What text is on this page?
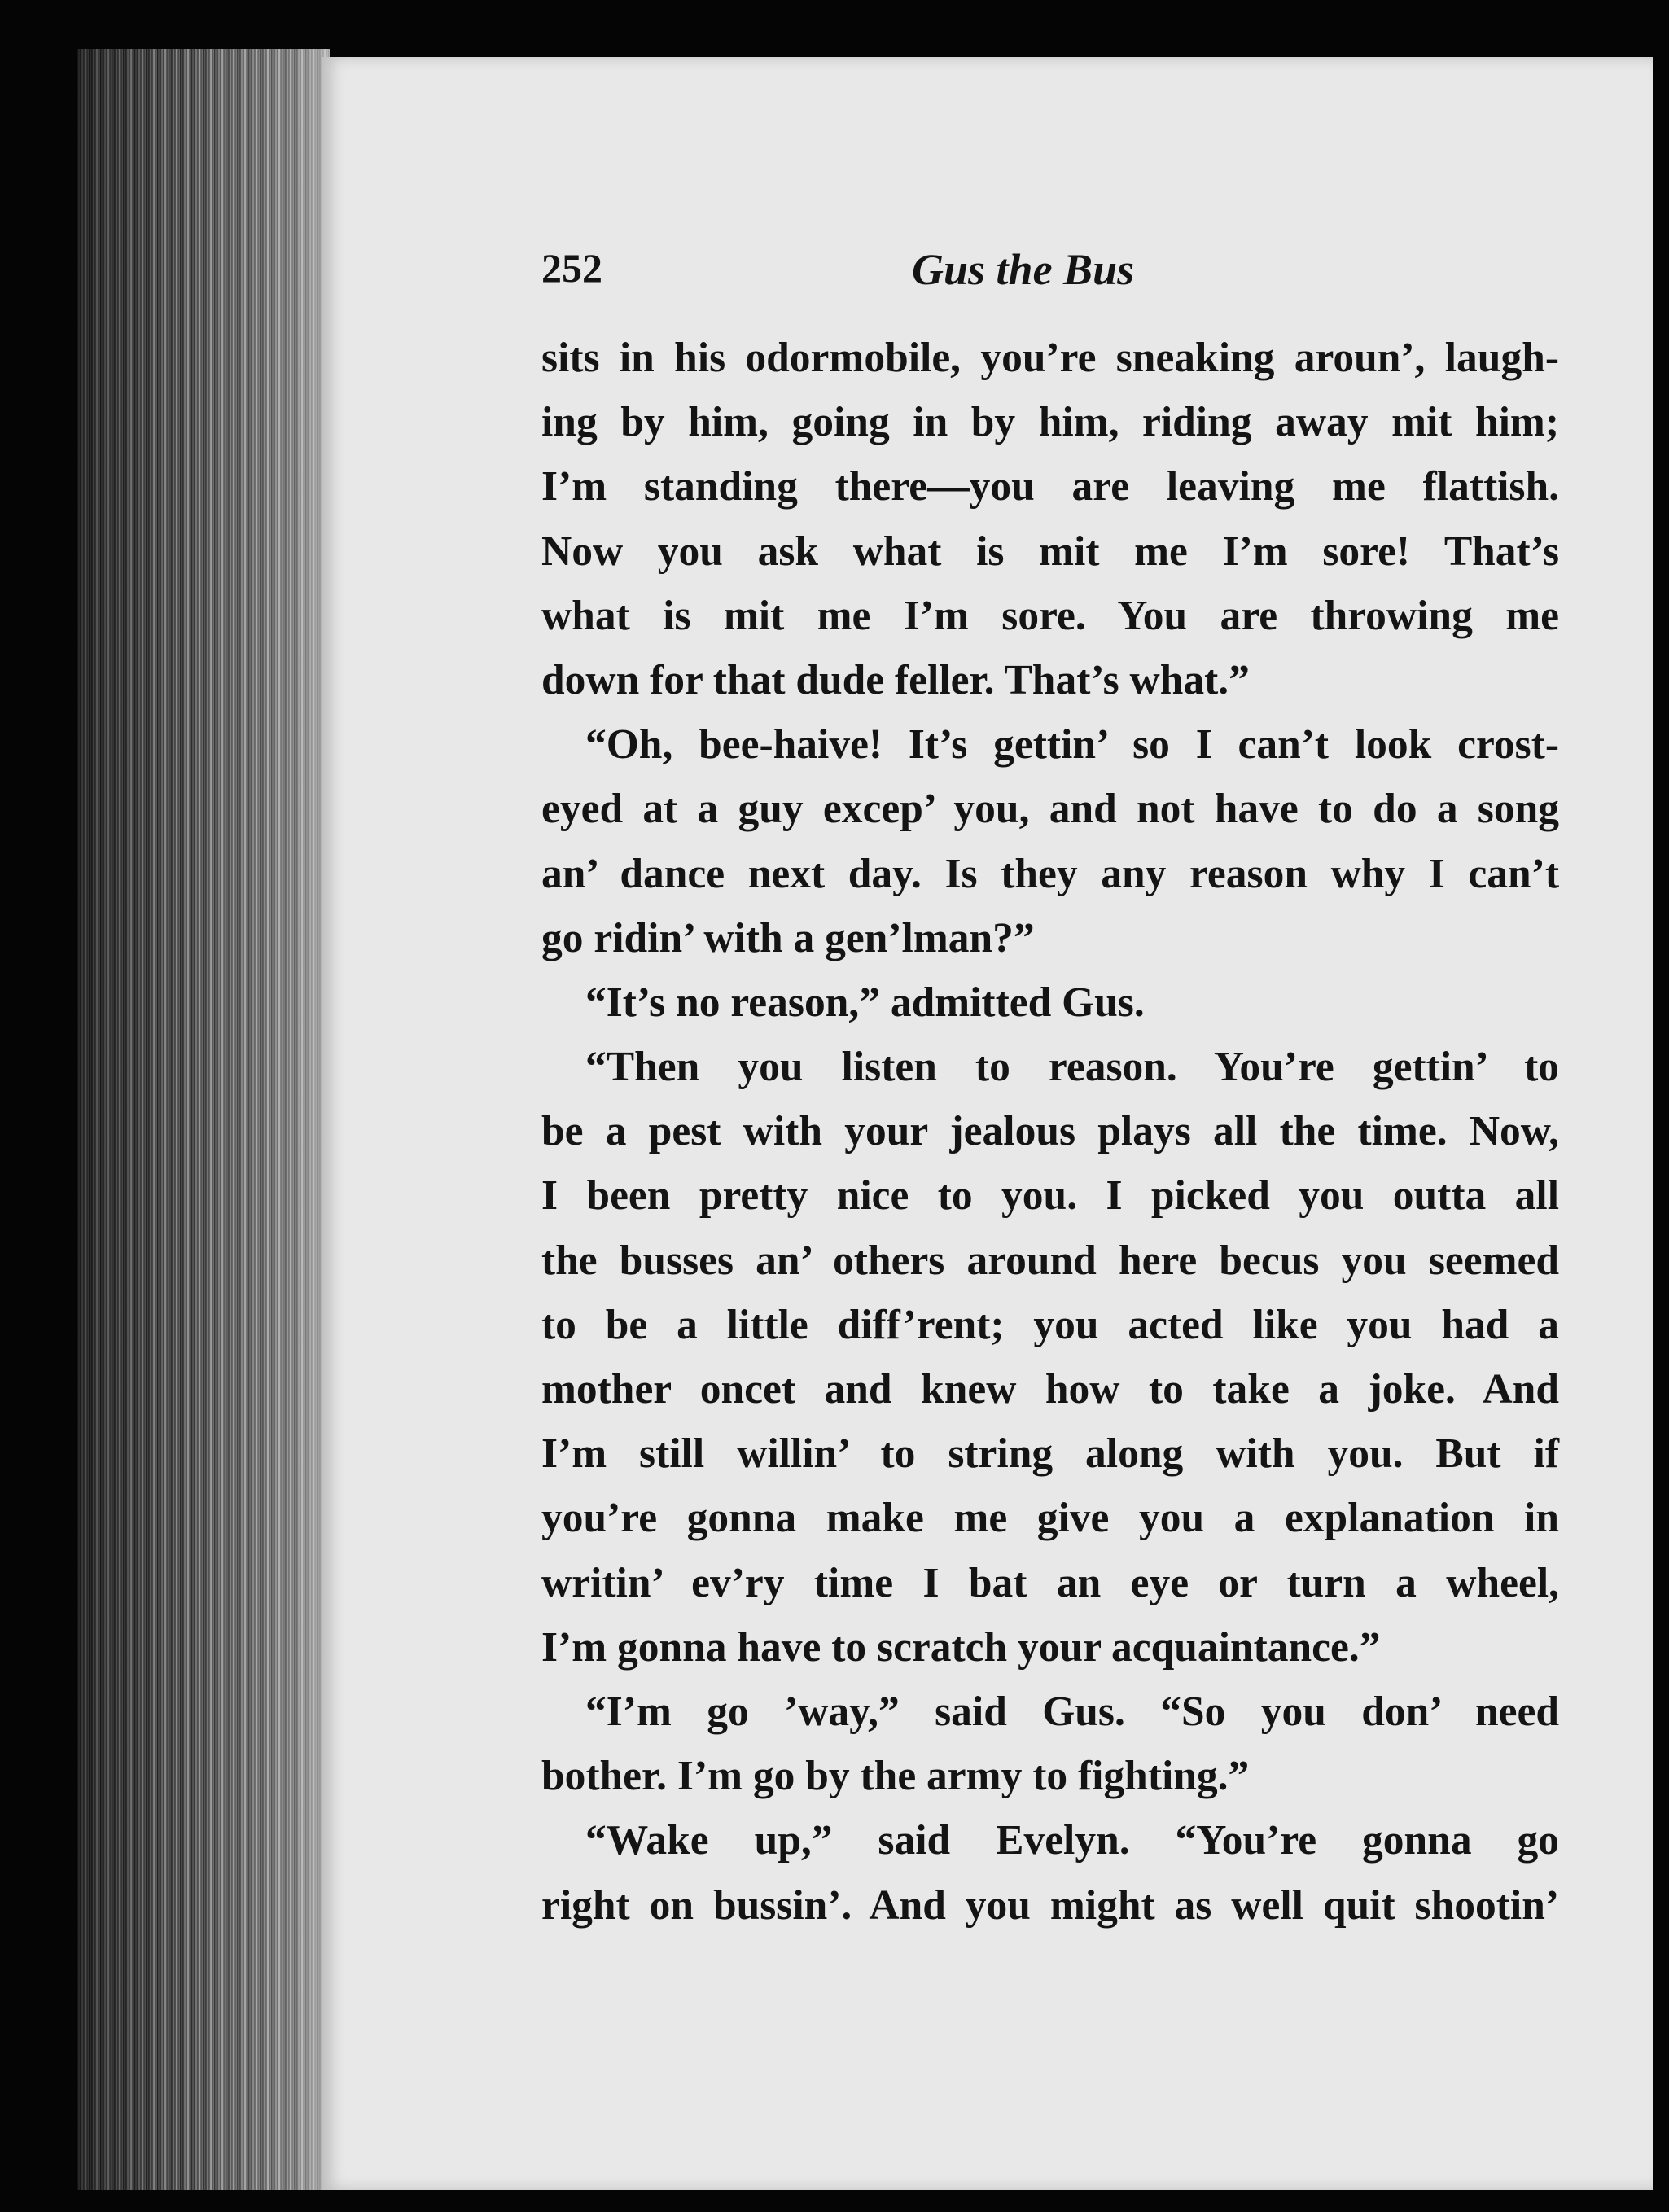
252	Gus the Bus
sits in his odormobile, you’re sneaking aroun’, laugh-
ing by him, going in by him, riding away mit him;
I’m standing there—you are leaving me flattish.
Now you ask what is mit me I’m sore! That’s
what is mit me I’m sore. You are throwing me
down for that dude feller. That’s what.”
“Oh, bee-haive! It’s gettin’ so I can’t look crost-
eyed at a guy excep’ you, and not have to do a song
an’ dance next day. Is they any reason why I can’t
go ridin’ with a gen’lman?”
“It’s no reason,” admitted Gus.
“Then you listen to reason. You’re gettin’ to
be a pest with your jealous plays all the time. Now,
I been pretty nice to you. I picked you outta all
the busses an’ others around here becus you seemed
to be a little diff’rent; you acted like you had a
mother oncet and knew how to take a joke. And
I’m still willin’ to string along with you. But if
you’re gonna make me give you a explanation in
writin’ ev’ry time I bat an eye or turn a wheel,
I’m gonna have to scratch your acquaintance.”
“I’m go ’way,” said Gus. “So you don’ need
bother. I’m go by the army to fighting.”
“Wake up,” said Evelyn. “You’re gonna go
right on bussin’. And you might as well quit shootin’
